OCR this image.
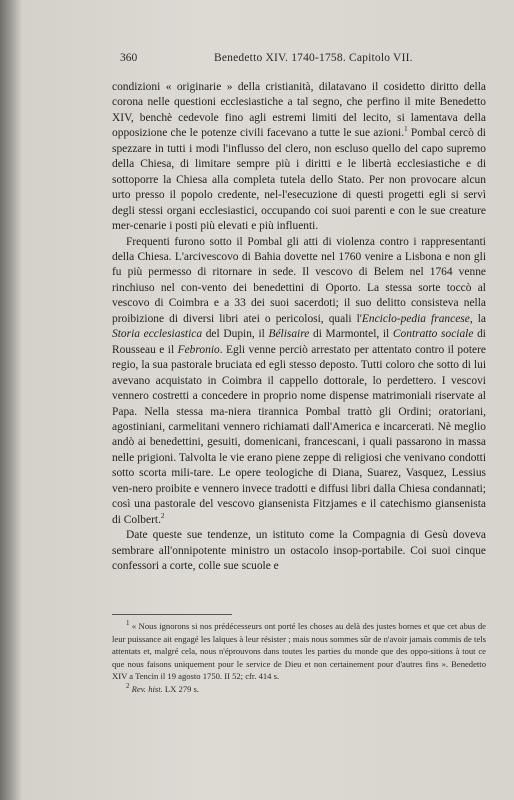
360	Benedetto XIV. 1740-1758. Capitolo VII.

condizioni « originarie » della cristianità, dilatavano il cosidetto diritto della corona nelle questioni ecclesiastiche a tal segno, che perfino il mite Benedetto XIV, benchè cedevole fino agli estremi limiti del lecito, si lamentava della opposizione che le potenze civili facevano a tutte le sue azioni.$^1$ Pombal cercò di spezzare in tutti i modi l'influsso del clero, non escluso quello del capo supremo della Chiesa, di limitare sempre più i diritti e le libertà ecclesiastiche e di sottoporre la Chiesa alla completa tutela dello Stato. Per non provocare alcun urto presso il popolo credente, nel-l'esecuzione di questi progetti egli si servì degli stessi organi ecclesiastici, occupando coi suoi parenti e con le sue creature mer-cenarie i posti più elevati e più influenti.

Frequenti furono sotto il Pombal gli atti di violenza contro i rappresentanti della Chiesa. L'arcivescovo di Bahia dovette nel 1760 venire a Lisbona e non gli fu più permesso di ritornare in sede. Il vescovo di Belem nel 1764 venne rinchiuso nel con-vento dei benedettini di Oporto. La stessa sorte toccò al vescovo di Coimbra e a 33 dei suoi sacerdoti; il suo delitto consisteva nella proibizione di diversi libri atei o pericolosi, quali l'Enciclo-pedia francese, la Storia ecclesiastica del Dupin, il Bélisaire di Marmontel, il Contratto sociale di Rousseau e il Febronio. Egli venne perciò arrestato per attentato contro il potere regio, la sua pastorale bruciata ed egli stesso deposto. Tutti coloro che sotto di lui avevano acquistato in Coimbra il cappello dottorale, lo perdettero. I vescovi vennero costretti a concedere in proprio nome dispense matrimoniali riservate al Papa. Nella stessa ma-niera tirannica Pombal trattò gli Ordini; oratoriani, agostiniani, carmelitani vennero richiamati dall'America e incarcerati. Nè meglio andò ai benedettini, gesuiti, domenicani, francescani, i quali passarono in massa nelle prigioni. Talvolta le vie erano piene zeppe di religiosi che venivano condotti sotto scorta mili-tare. Le opere teologiche di Diana, Suarez, Vasquez, Lessius ven-nero proibite e vennero invece tradotti e diffusi libri dalla Chiesa condannati; così una pastorale del vescovo giansenista Fitzjames e il catechismo giansenista di Colbert.$^2$

Date queste sue tendenze, un istituto come la Compagnia di Gesù doveva sembrare all'onnipotente ministro un ostacolo insop-portabile. Coi suoi cinque confessori a corte, colle sue scuole e

$^1$ « Nous ignorons si nos prédécesseurs ont porté les choses au delà des justes bornes et que cet abus de leur puissance ait engagé les laïques à leur résister ; mais nous sommes sûr de n'avoir jamais commis de tels attentats et, malgré cela, nous n'éprouvons dans toutes les parties du monde que des oppo-sitions à tout ce que nous faisons uniquement pour le service de Dieu et non certainement pour d'autres fins ». Benedetto XIV a Tencin il 19 agosto 1750. II 52; cfr. 414 s.

$^2$ Rev. hist. LX 279 s.
